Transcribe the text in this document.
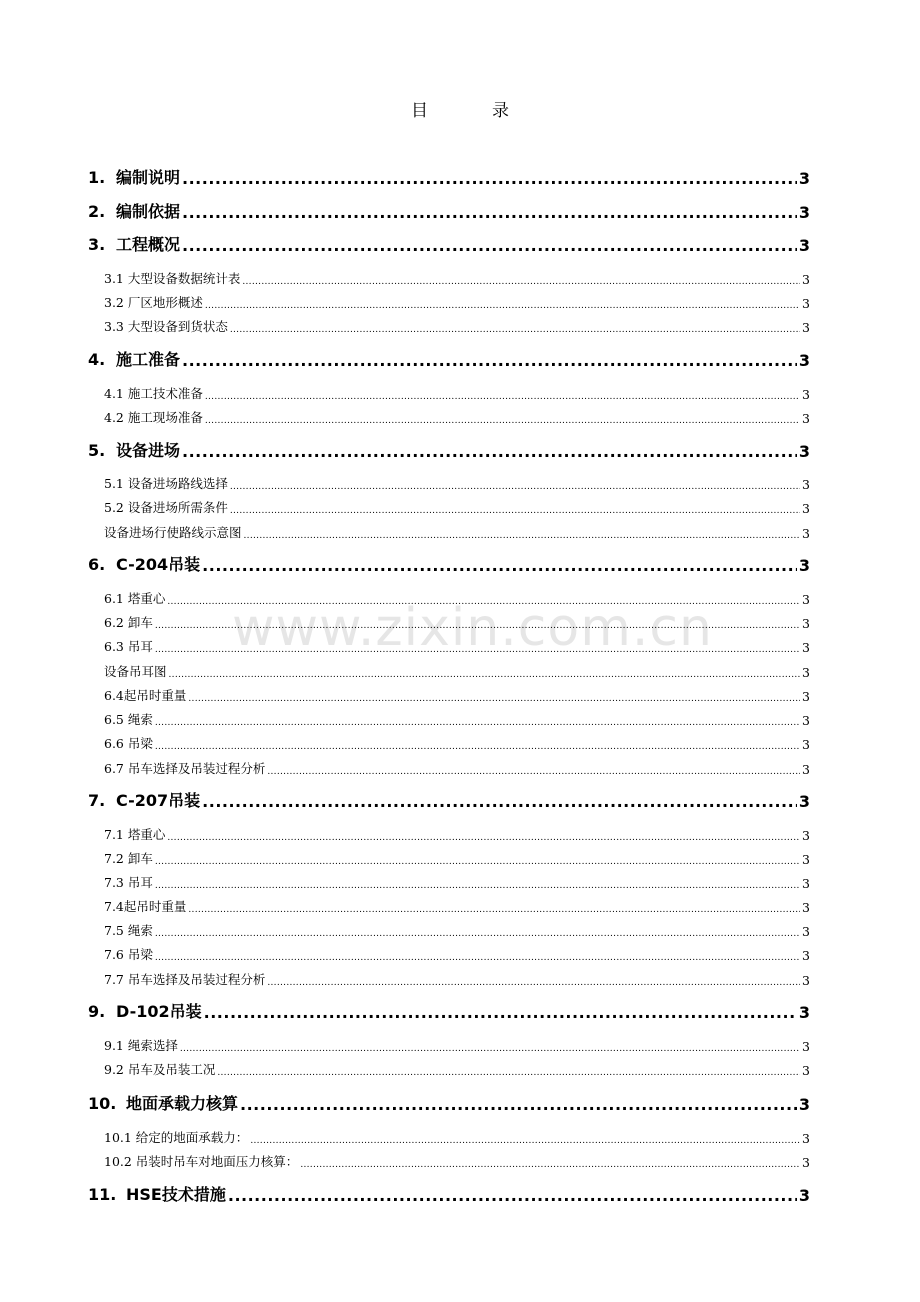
目	录
www.zixin.com.cn
1. 编制说明 .....	3
2. 编制依据 .....	3
3. 工程概况 .....	3
3.1 大型设备数据统计表 .....	3
3.2 厂区地形概述 .....	3
3.3 大型设备到货状态 .....	3
4. 施工准备 .....	3
4.1 施工技术准备 .....	3
4.2 施工现场准备 .....	3
5. 设备进场 .....	3
5.1 设备进场路线选择 .....	3
5.2 设备进场所需条件 .....	3
设备进场行使路线示意图 .....	3
6. C-204吊装 .....	3
6.1 塔重心 .....	3
6.2 卸车 .....	3
6.3 吊耳 .....	3
设备吊耳图 .....	3
6.4起吊时重量 .....	3
6.5 绳索 .....	3
6.6 吊梁 .....	3
6.7 吊车选择及吊装过程分析 .....	3
7. C-207吊装 .....	3
7.1 塔重心 .....	3
7.2 卸车 .....	3
7.3 吊耳 .....	3
7.4起吊时重量 .....	3
7.5 绳索 .....	3
7.6 吊梁 .....	3
7.7 吊车选择及吊装过程分析 .....	3
9. D-102吊装 .....	3
9.1 绳索选择 .....	3
9.2 吊车及吊装工况 .....	3
10. 地面承载力核算 .....	3
10.1 给定的地面承载力： .....	3
10.2 吊装时吊车对地面压力核算： .....	3
11. HSE技术措施 .....	3
